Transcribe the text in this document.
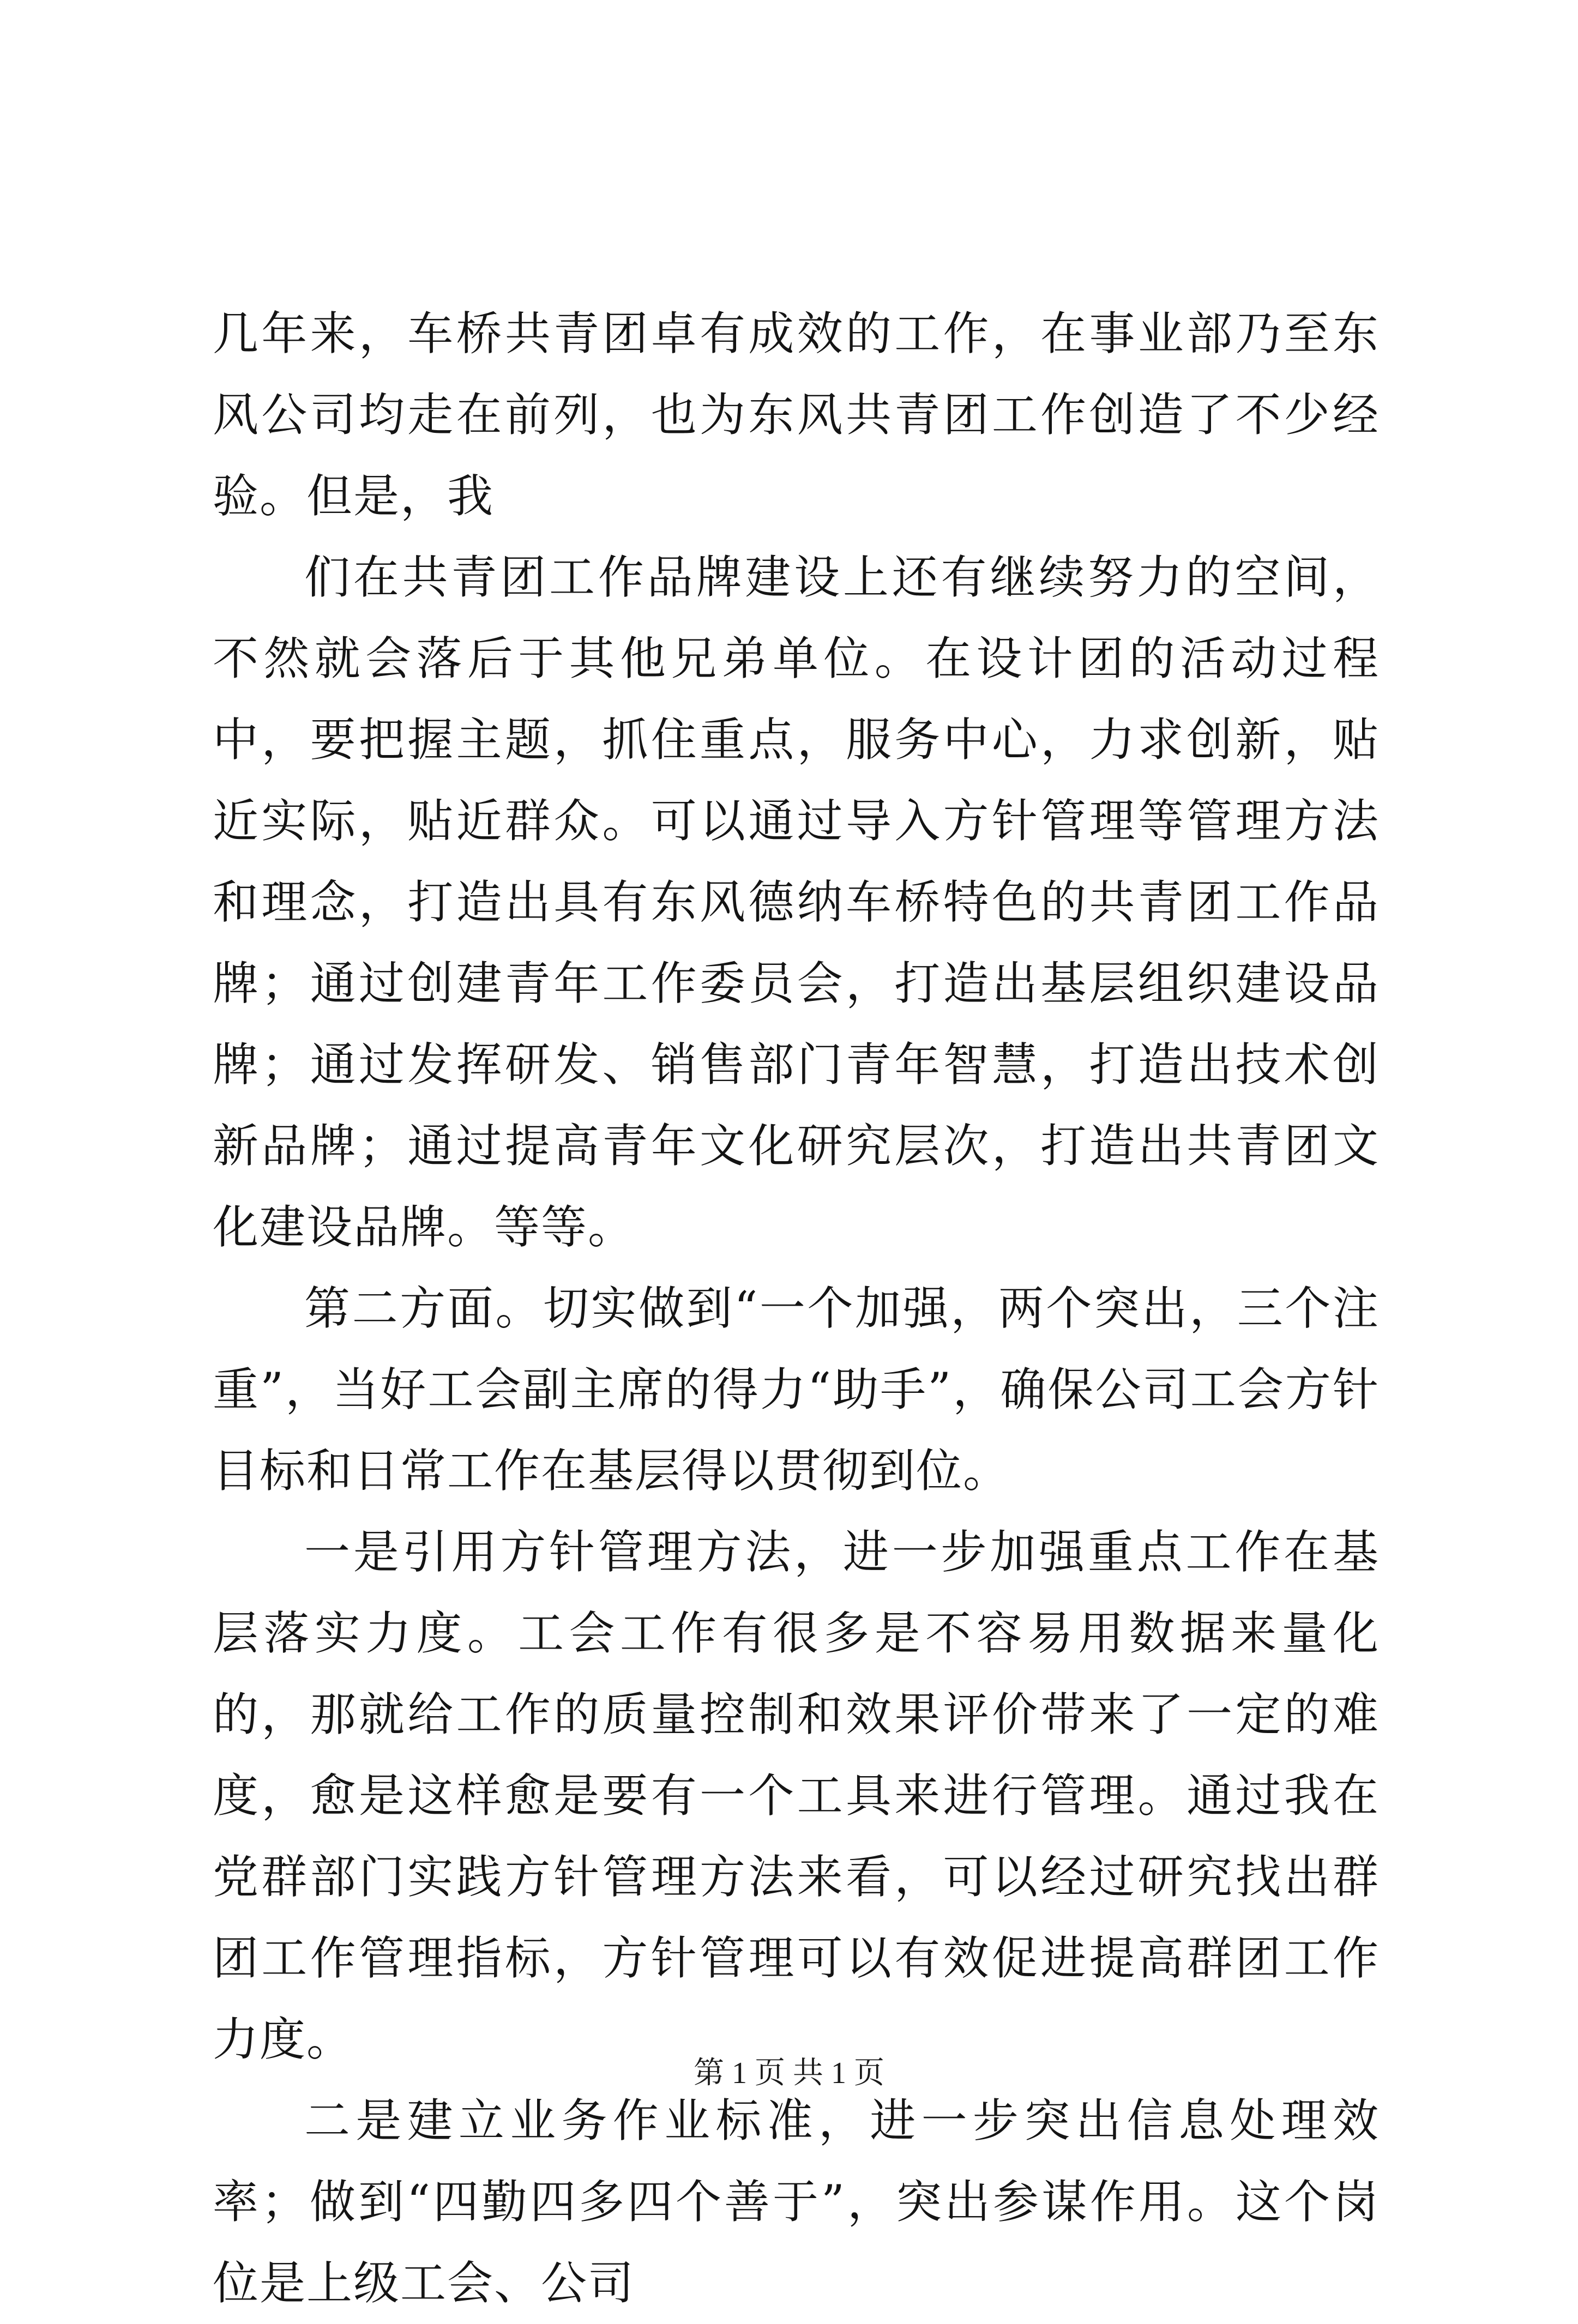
几年来，车桥共青团卓有成效的工作，在事业部乃至东风公司均走在前列，也为东风共青团工作创造了不少经验。但是，我

们在共青团工作品牌建设上还有继续努力的空间，不然就会落后于其他兄弟单位。在设计团的活动过程中，要把握主题，抓住重点，服务中心，力求创新，贴近实际，贴近群众。可以通过导入方针管理等管理方法和理念，打造出具有东风德纳车桥特色的共青团工作品牌；通过创建青年工作委员会，打造出基层组织建设品牌；通过发挥研发、销售部门青年智慧，打造出技术创新品牌；通过提高青年文化研究层次，打造出共青团文化建设品牌。等等。

第二方面。切实做到“一个加强，两个突出，三个注重”，当好工会副主席的得力“助手”，确保公司工会方针目标和日常工作在基层得以贯彻到位。

一是引用方针管理方法，进一步加强重点工作在基层落实力度。工会工作有很多是不容易用数据来量化的，那就给工作的质量控制和效果评价带来了一定的难度，愈是这样愈是要有一个工具来进行管理。通过我在党群部门实践方针管理方法来看，可以经过研究找出群团工作管理指标，方针管理可以有效促进提高群团工作力度。

二是建立业务作业标准，进一步突出信息处理效率；做到“四勤四多四个善于”，突出参谋作用。这个岗位是上级工会、公司

第 1 页 共 1 页
